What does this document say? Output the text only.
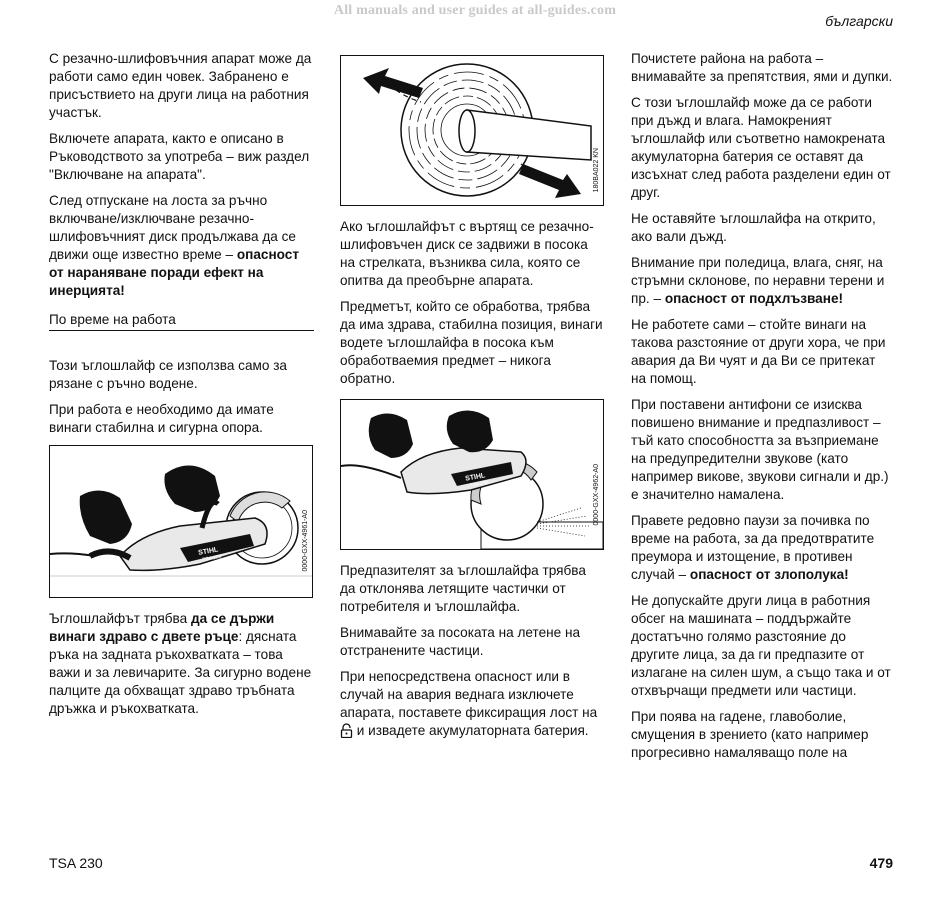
All manuals and user guides at all-guides.com
български

С резачно-шлифовъчния апарат може да работи само един човек. Забранено е присъствието на други лица на работния участък.

Включете апарата, както е описано в Ръководството за употреба – виж раздел "Включване на апарата".

След отпускане на лоста за ръчно включване/изключване резачно-шлифовъчният диск продължава да се движи още известно време – опасност от нараняване поради ефект на инерцията!

По време на работа

Този ъглошлайф се използва само за рязане с ръчно водене.

При работа е необходимо да имате винаги стабилна и сигурна опора.

STIHL
TSA 230	0000-GXX-4961-A0

Ъглошлайфът трябва да се държи винаги здраво с двете ръце: дясната ръка на задната ръкохватката – това важи и за левичарите. За сигурно водене палците да обхващат здраво тръбната дръжка и ръкохватката.

180BA022 KN

Ако ъглошлайфът с въртящ се резачно-шлифовъчен диск се задвижи в посока на стрелката, възниква сила, която се опитва да преобърне апарата.

Предметът, който се обработва, трябва да има здрава, стабилна позиция, винаги водете ъглошлайфа в посока към обработваемия предмет – никога обратно.

STIHL
TSA 230	0000-GXX-4962-A0

Предпазителят за ъглошлайфа трябва да отклонява летящите частички от потребителя и ъглошлайфа.

Внимавайте за посоката на летене на отстранените частици.

При непосредствена опасност или в случай на авария веднага изключете апарата, поставете фиксиращия лост на  и извадете акумулаторната батерия.

Почистете района на работа – внимавайте за препятствия, ями и дупки.

С този ъглошлайф може да се работи при дъжд и влага. Намокреният ъглошлайф или съответно намокрената акумулаторна батерия се оставят да изсъхнат след работа разделени един от друг.

Не оставяйте ъглошлайфа на открито, ако вали дъжд.

Внимание при поледица, влага, сняг, на стръмни склонове, по неравни терени и пр. – опасност от подхлъзване!

Не работете сами – стойте винаги на такова разстояние от други хора, че при авария да Ви чуят и да Ви се притекат на помощ.

При поставени антифони се изисква повишено внимание и предпазливост – тъй като способността за възприемане на предупредителни звукове (като например викове, звукови сигнали и др.) е значително намалена.

Правете редовно паузи за почивка по време на работа, за да предотвратите преумора и изтощение, в противен случай – опасност от злополука!

Не допускайте други лица в работния обсег на машината – поддържайте достатъчно голямо разстояние до другите лица, за да ги предпазите от излагане на силен шум, а също така и от отхвърчащи предмети или частици.

При поява на гадене, главоболие, смущения в зрението (като например прогресивно намаляващо поле на

TSA 230	479
